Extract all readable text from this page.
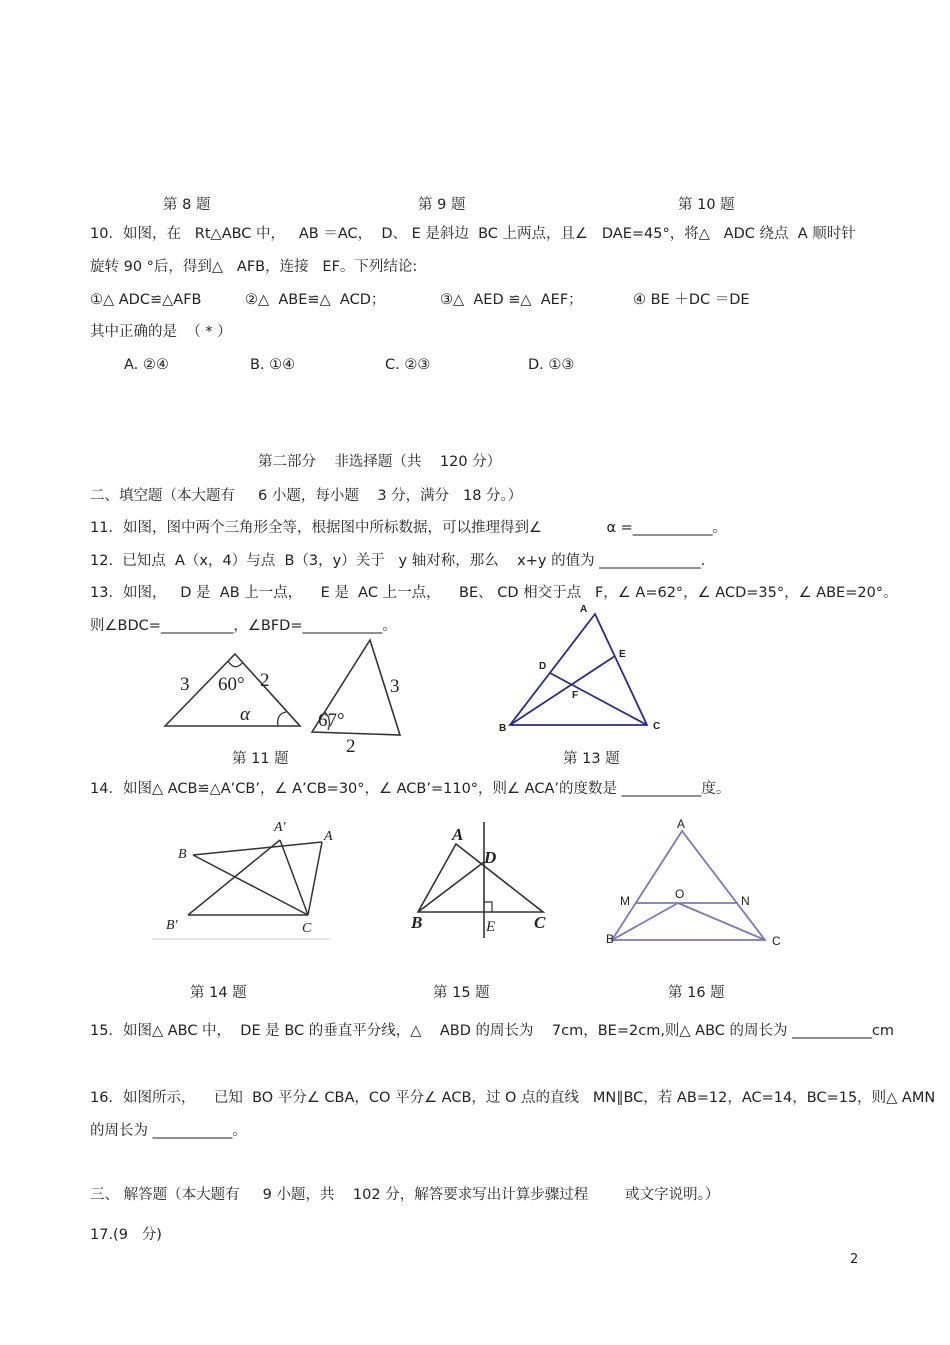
第 8 题	第 9 题	第 10 题
10．如图，在   Rt△ABC 中，   AB ＝AC，  D、 E 是斜边  BC 上两点，且∠   DAE=45°，将△   ADC 绕点  A 顺时针
旋转 90 °后，得到△   AFB，连接   EF。下列结论:
①△ ADC≌△AFB	②△  ABE≌△  ACD；	③△  AED ≌△  AEF；	④ BE ＋DC ＝DE
其中正确的是  （ * ）
A. ②④	B. ①④	C. ②③	D. ①③
第二部分    非选择题（共    120 分）
二、填空题（本大题有     6 小题，每小题    3 分，满分   18 分。）
11．如图，图中两个三角形全等，根据图中所标数据，可以推理得到∠              α =___________。
12.  已知点  A（x，4）与点  B（3，y）关于   y 轴对称，那么    x+y 的值为 ______________.
13．如图，   D 是  AB 上一点，    E 是  AC 上一点，    BE、 CD 相交于点   F，∠ A=62°，∠ ACD=35°，∠ ABE=20°。
则∠BDC=__________，∠BFD=___________。
3 60° 2
α
3
67°
2
A
E
D
F
B	C
第 11 题	第 13 题
14．如图△ ACB≌△A’CB’，∠ A’CB=30°，∠ ACB’=110°，则∠ ACA’的度数是 ___________度。
A'
A
B
B'	C
A
D
B	E C
A
O
M	N
B	C
第 14 题	第 15 题	第 16 题
15．如图△ ABC 中，  DE 是 BC 的垂直平分线，△    ABD 的周长为    7cm，BE=2cm,则△ ABC 的周长为 ___________cm
16．如图所示，    已知  BO 平分∠ CBA，CO 平分∠ ACB，过 O 点的直线   MN∥BC，若 AB=12，AC=14，BC=15，则△ AMN
的周长为 ___________。
三、 解答题（本大题有     9 小题，共    102 分，解答要求写出计算步骤过程        或文字说明。）
17.(9   分)
2
